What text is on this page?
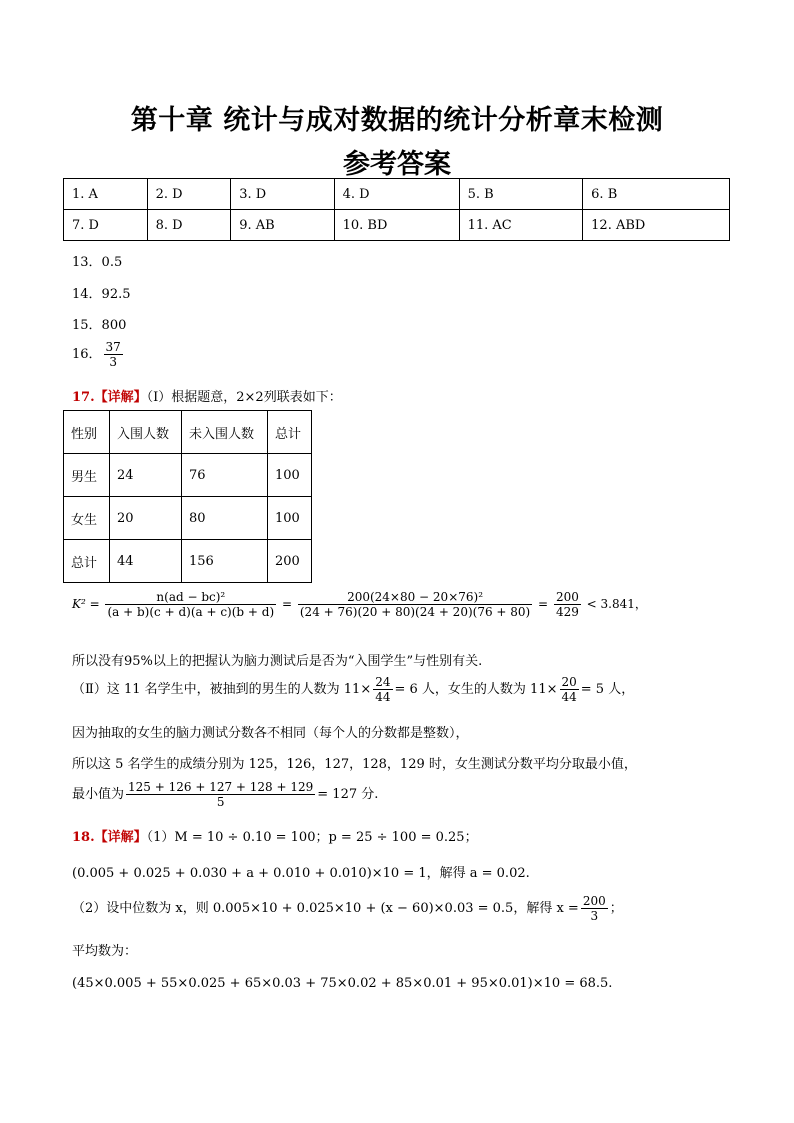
第十章 统计与成对数据的统计分析章末检测
参考答案
1. A	2. D	3. D	4. D	5. B	6. B
7. D	8. D	9. AB	10. BD	11. AC	12. ABD
13．0.5
14．92.5
15．800
16． $\frac{37}{3}$
17.【详解】（Ⅰ）根据题意，2×2列联表如下：
性别	入围人数	未入围人数	总计
男生	24	76	100
女生	20	80	100
总计	44	156	200
$K^2 = \frac{\text{n(ad − bc)²}}{(a + b)(c + d)(a + c)(b + d)} = \frac{\text{200(24×80 − 20×76)²}}{(24 + 76)(20 + 80)(24 + 20)(76 + 80)} = \frac{200}{429} < 3.841$，
所以没有95%以上的把握认为脑力测试后是否为“入围学生”与性别有关.
（Ⅱ）这 11 名学生中，被抽到的男生的人数为 $11\times \frac{24}{44} = 6$ 人，女生的人数为 $11\times \frac{20}{44} = 5$ 人，
因为抽取的女生的脑力测试分数各不相同（每个人的分数都是整数），
所以这 5 名学生的成绩分别为 125，126，127，128，129 时，女生测试分数平均分取最小值，
最小值为 $\frac{125 + 126 + 127 + 128 + 129}{5} = 127$ 分.
18.【详解】（1）M = 10 ÷ 0.10 = 100；p = 25 ÷ 100 = 0.25；
(0.005 + 0.025 + 0.030 + a + 0.010 + 0.010)×10 = 1，解得 a = 0.02.
（2）设中位数为 x，则 0.005×10 + 0.025×10 + (x − 60)×0.03 = 0.5，解得 $x = \frac{200}{3}$ ；
平均数为：
(45×0.005 + 55×0.025 + 65×0.03 + 75×0.02 + 85×0.01 + 95×0.01)×10 = 68.5.
